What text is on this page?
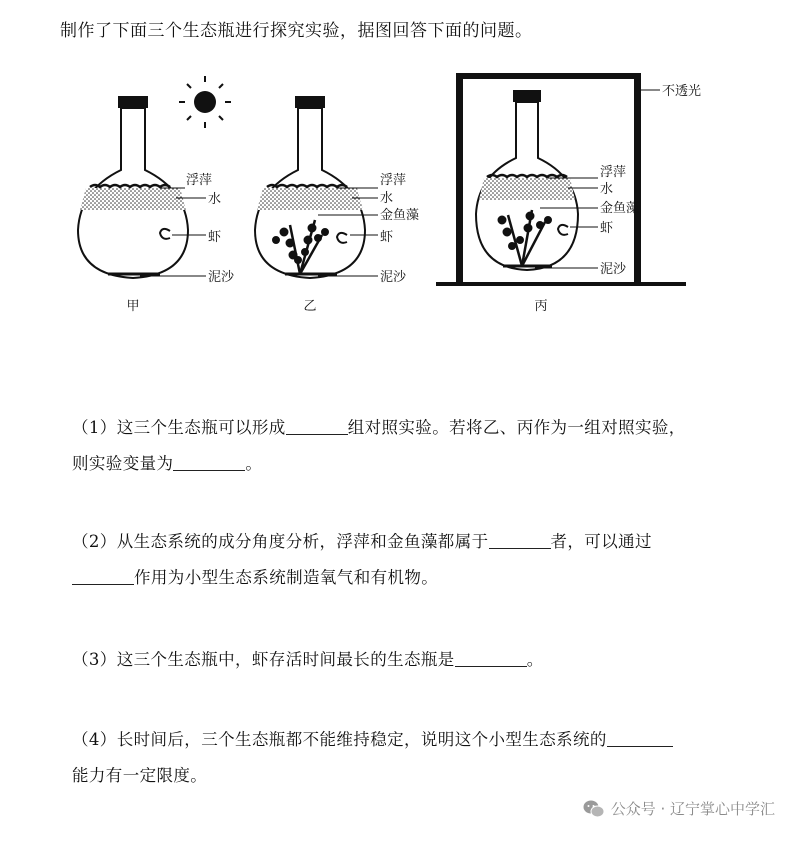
制作了下面三个生态瓶进行探究实验，据图回答下面的问题。
浮萍
水
虾
泥沙
甲
浮萍
水
金鱼藻
虾
泥沙
乙
不透光
浮萍
水
金鱼藻
虾
泥沙
丙

（1）这三个生态瓶可以形成	组对照实验。若将乙、丙作为一组对照实验，

则实验变量为	。

（2）从生态系统的成分角度分析，浮萍和金鱼藻都属于	者，可以通过

作用为小型生态系统制造氧气和有机物。

（3）这三个生态瓶中，虾存活时间最长的生态瓶是	。

（4）长时间后，三个生态瓶都不能维持稳定，说明这个小型生态系统的

能力有一定限度。

公众号 · 辽宁掌心中学汇
